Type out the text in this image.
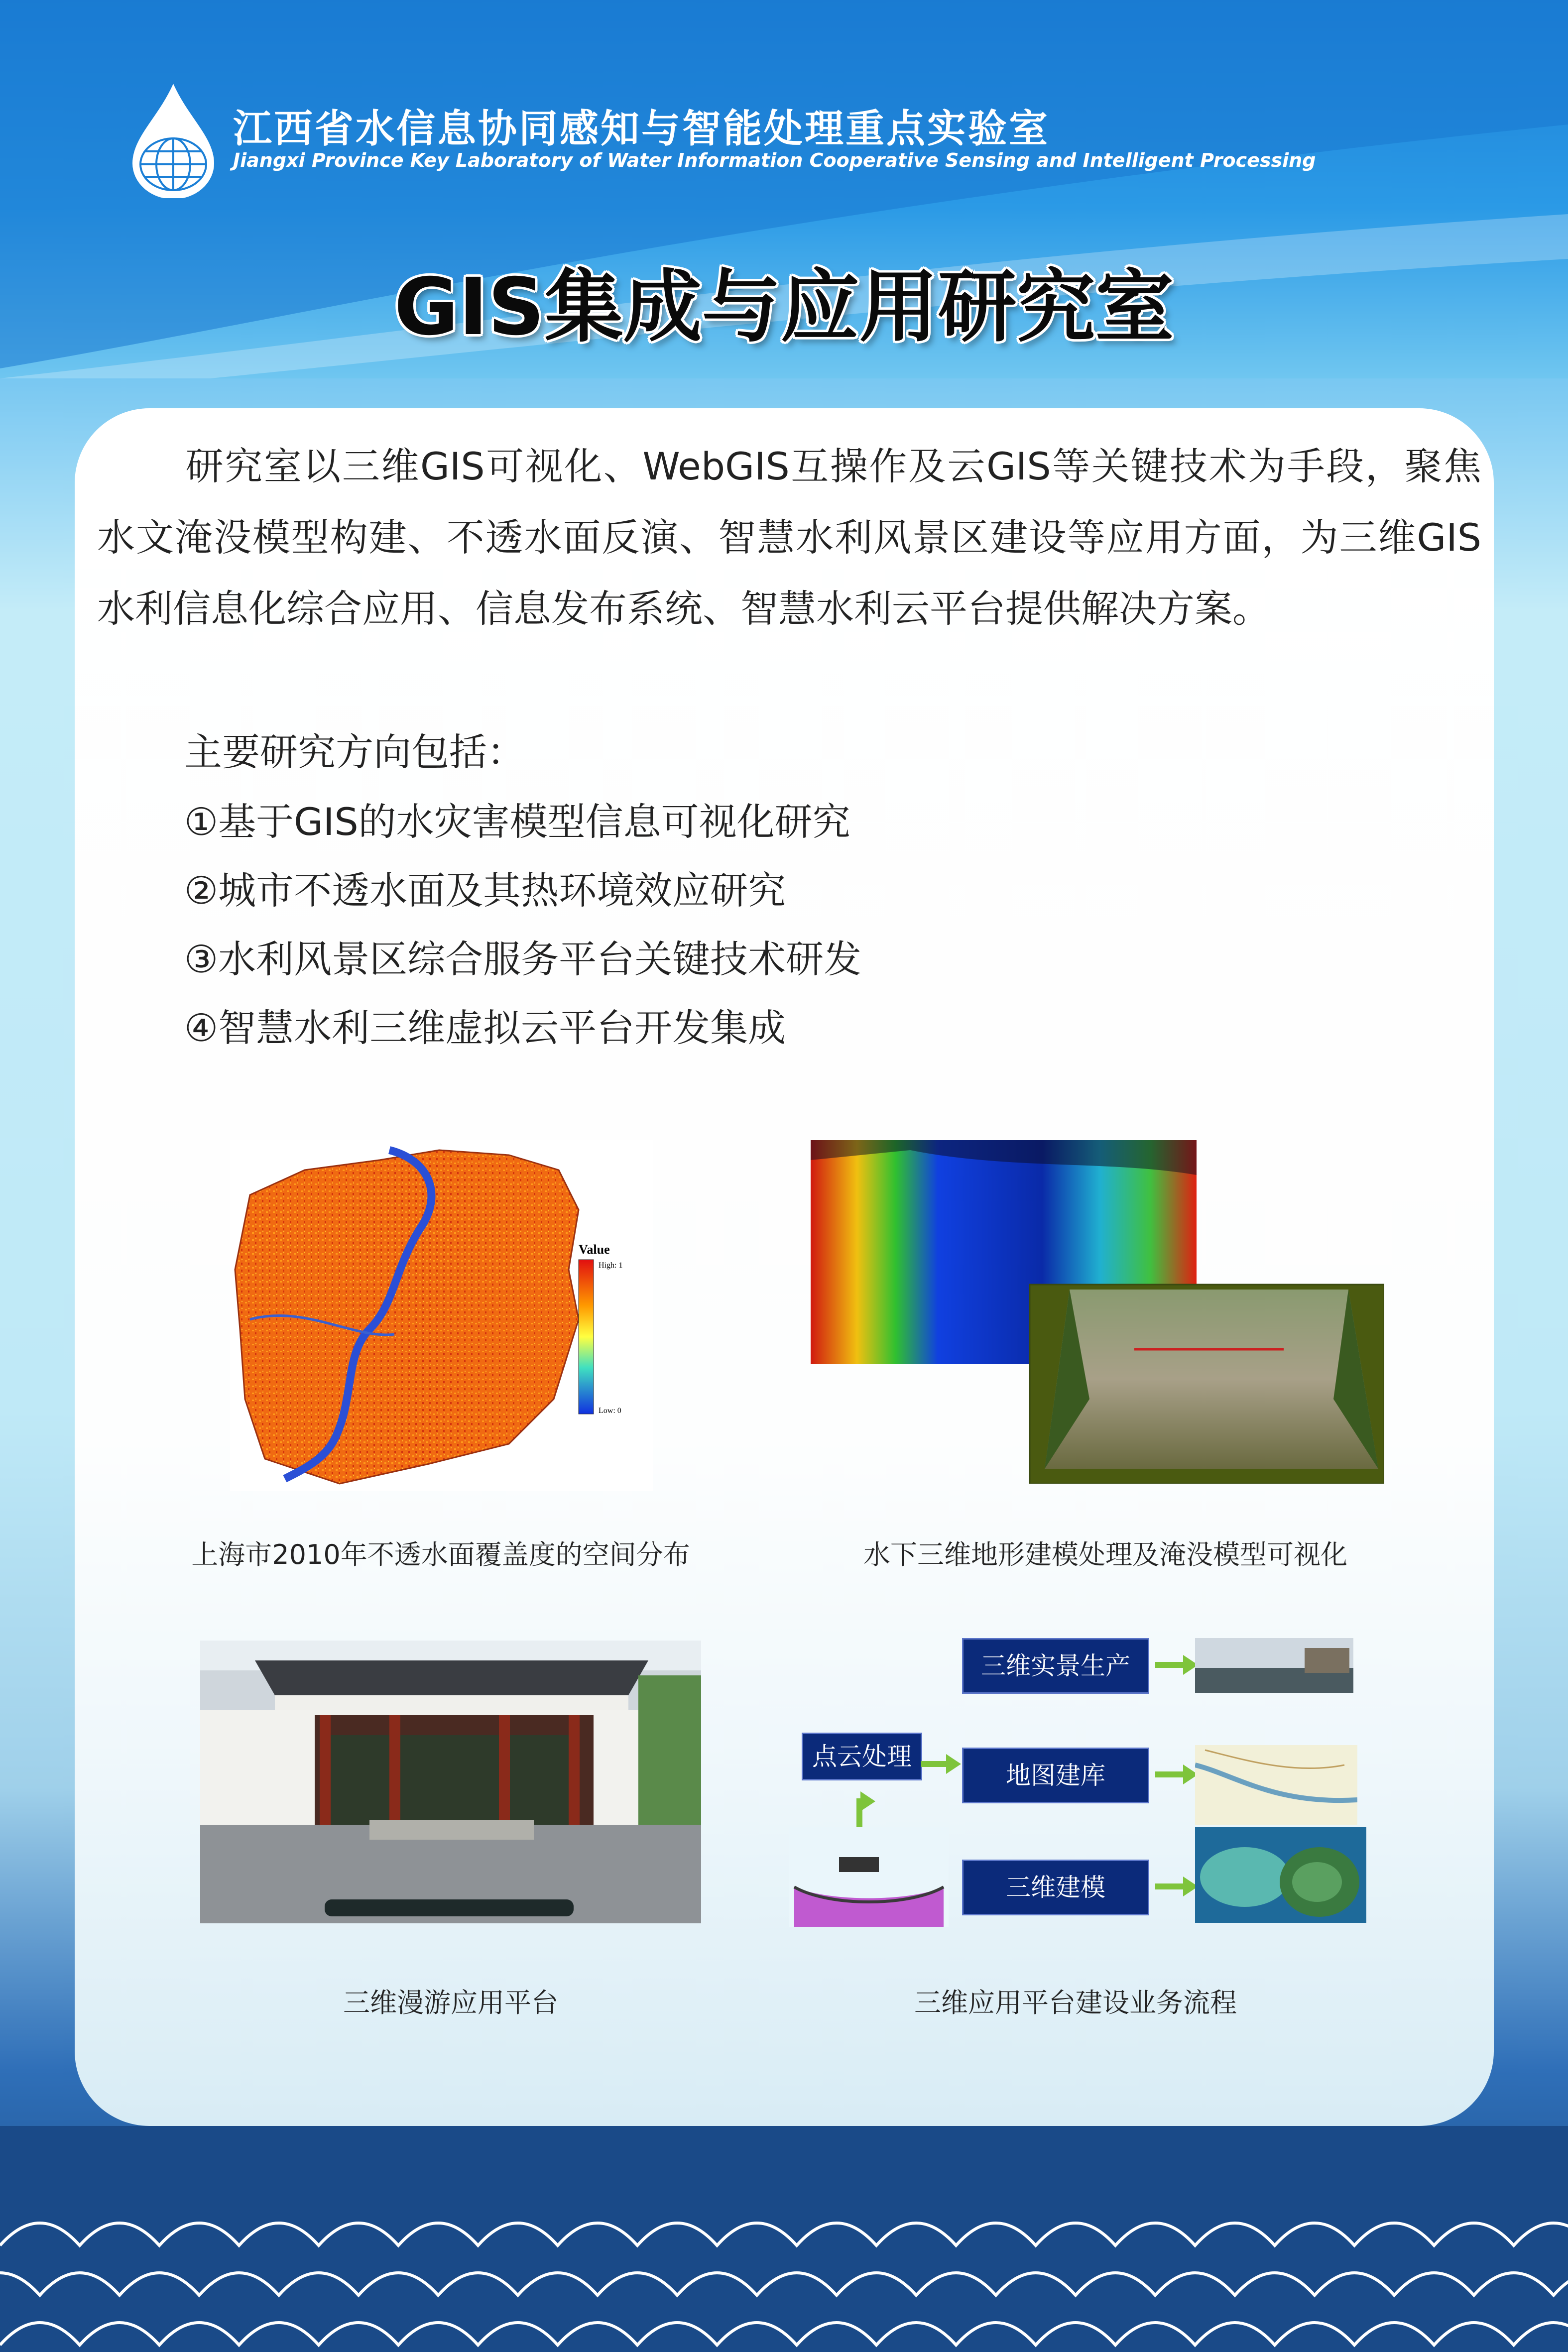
江西省水信息协同感知与智能处理重点实验室
Jiangxi Province Key Laboratory of Water Information Cooperative Sensing and Intelligent Processing
GIS集成与应用研究室
研究室以三维GIS可视化、WebGIS互操作及云GIS等关键技术为手段，聚焦水文淹没模型构建、不透水面反演、智慧水利风景区建设等应用方面，为三维GIS水利信息化综合应用、信息发布系统、智慧水利云平台提供解决方案。
主要研究方向包括：
①基于GIS的水灾害模型信息可视化研究
②城市不透水面及其热环境效应研究
③水利风景区综合服务平台关键技术研发
④智慧水利三维虚拟云平台开发集成
Value
High: 1
Low: 0
上海市2010年不透水面覆盖度的空间分布	水下三维地形建模处理及淹没模型可视化
三维漫游应用平台
点云处理
三维实景生产
地图建库
三维建模
三维应用平台建设业务流程
